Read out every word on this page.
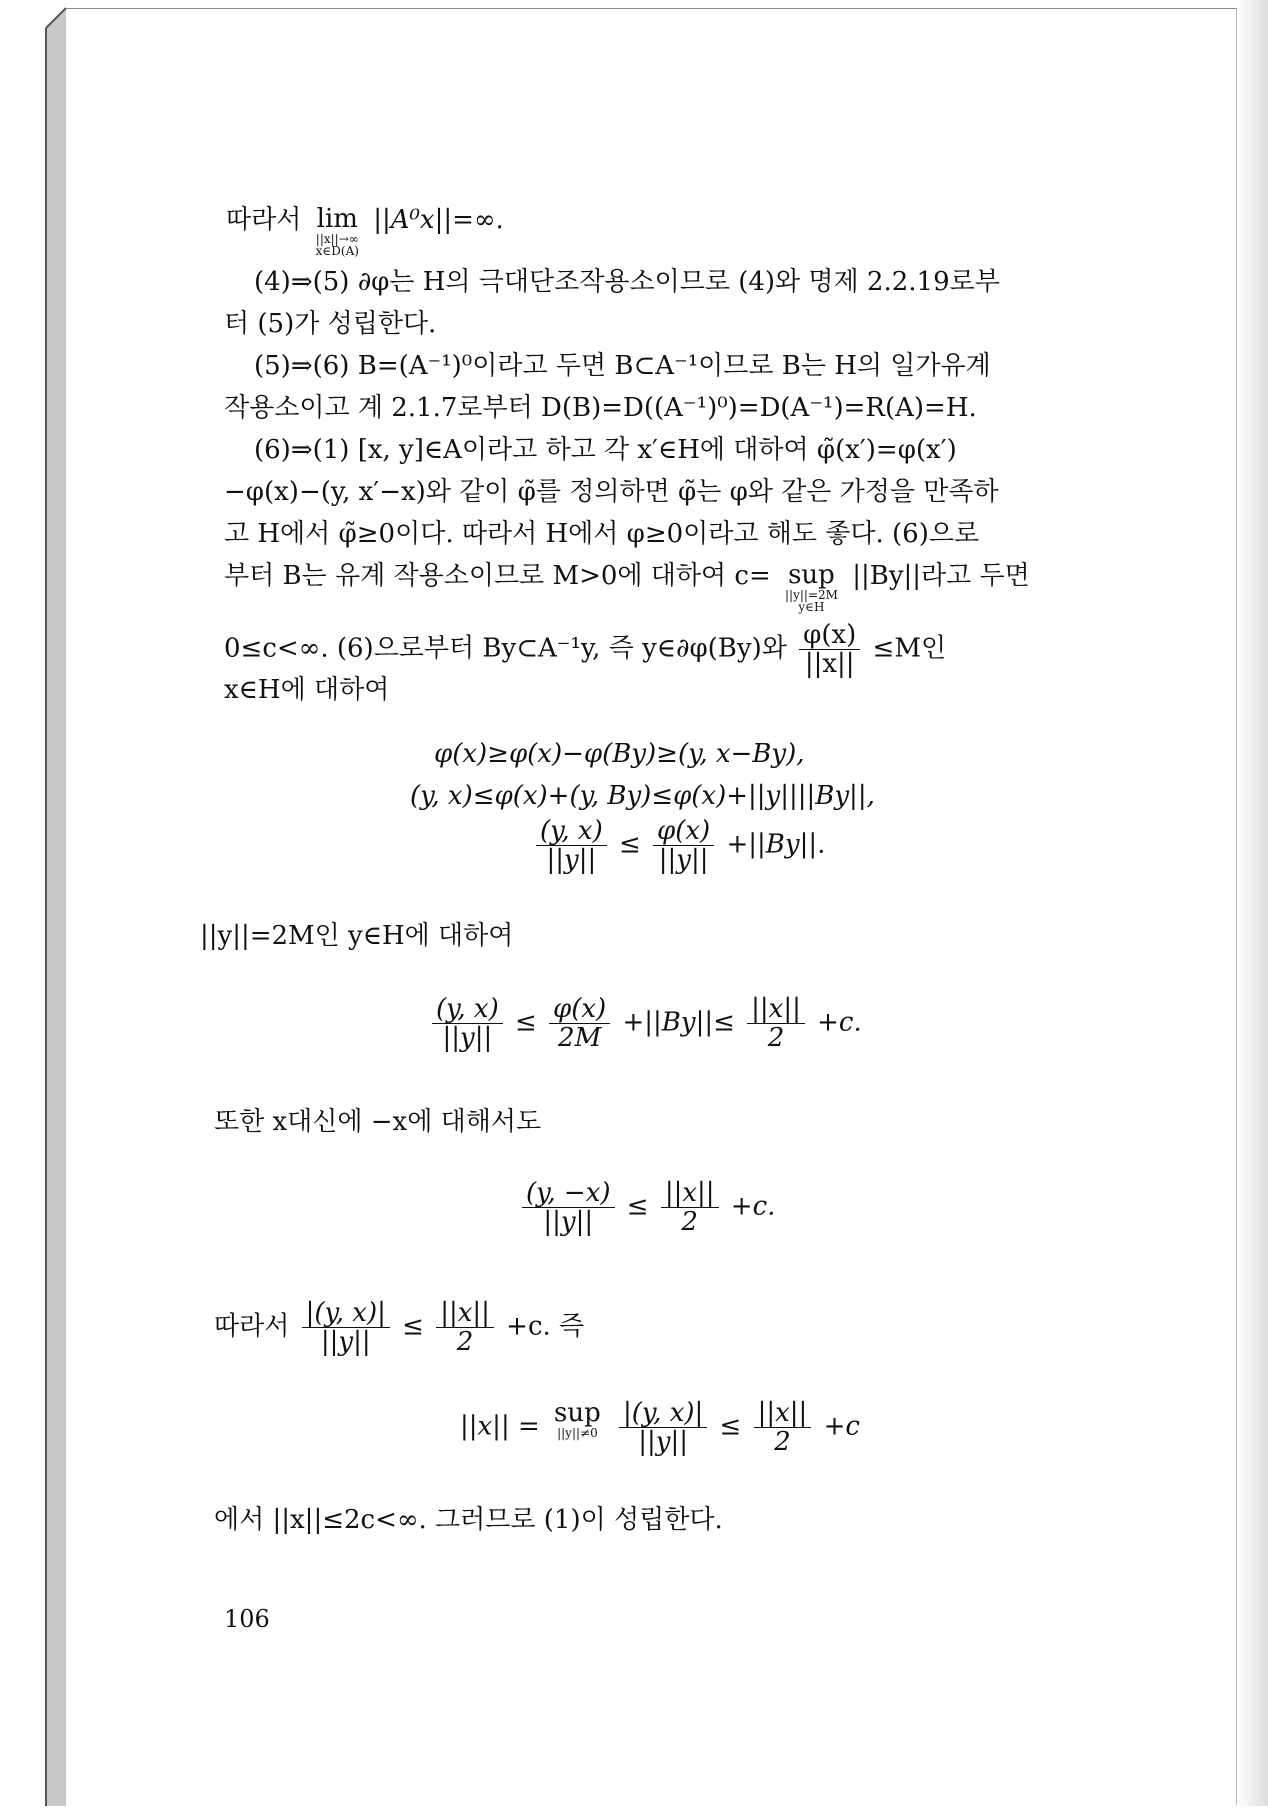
따라서 lim
||x||→∞
x∈D(A)
||A⁰x||=∞.
(4)⇒(5) ∂φ는 H의 극대단조작용소이므로 (4)와 명제 2.2.19로부
터 (5)가 성립한다.
(5)⇒(6) B=(A⁻¹)⁰이라고 두면 B⊂A⁻¹이므로 B는 H의 일가유계
작용소이고 계 2.1.7로부터 D(B)=D((A⁻¹)⁰)=D(A⁻¹)=R(A)=H.
(6)⇒(1) [x, y]∈A이라고 하고 각 x′∈H에 대하여 φ̃(x′)=φ(x′)
−φ(x)−(y, x′−x)와 같이 φ̃를 정의하면 φ̃는 φ와 같은 가정을 만족하
고 H에서 φ̃≥0이다. 따라서 H에서 φ≥0이라고 해도 좋다. (6)으로
부터 B는 유계 작용소이므로 M>0에 대하여 c= sup
||y||=2M
y∈H
||By||라고 두면
0≤c<∞. (6)으로부터 By⊂A⁻¹y, 즉 y∈∂φ(By)와 $\frac{\varphi(x)}{||x||} \le M$인
x∈H에 대하여
φ(x)≥φ(x)−φ(By)≥(y, x−By),
(y, x)≤φ(x)+(y, By)≤φ(x)+||y||||By||,
$\frac{(y, x)}{||y||} \le \frac{\varphi(x)}{||y||} +||By||$.
||y||=2M인 y∈H에 대하여
$\frac{(y, x)}{||y||} \le \frac{\varphi(x)}{2M} +||By||\le \frac{||x||}{2} +c$.
또한 x대신에 −x에 대해서도
$\frac{(y, -x)}{||y||} \le \frac{||x||}{2} +c$.
따라서 $\frac{|(y, x)|}{||y||} \le \frac{||x||}{2} +c$. 즉
||x|| = sup
||y||≠0
$\frac{|(y, x)|}{||y||} \le \frac{||x||}{2} +c$
에서 ||x||≤2c<∞. 그러므로 (1)이 성립한다.
106
